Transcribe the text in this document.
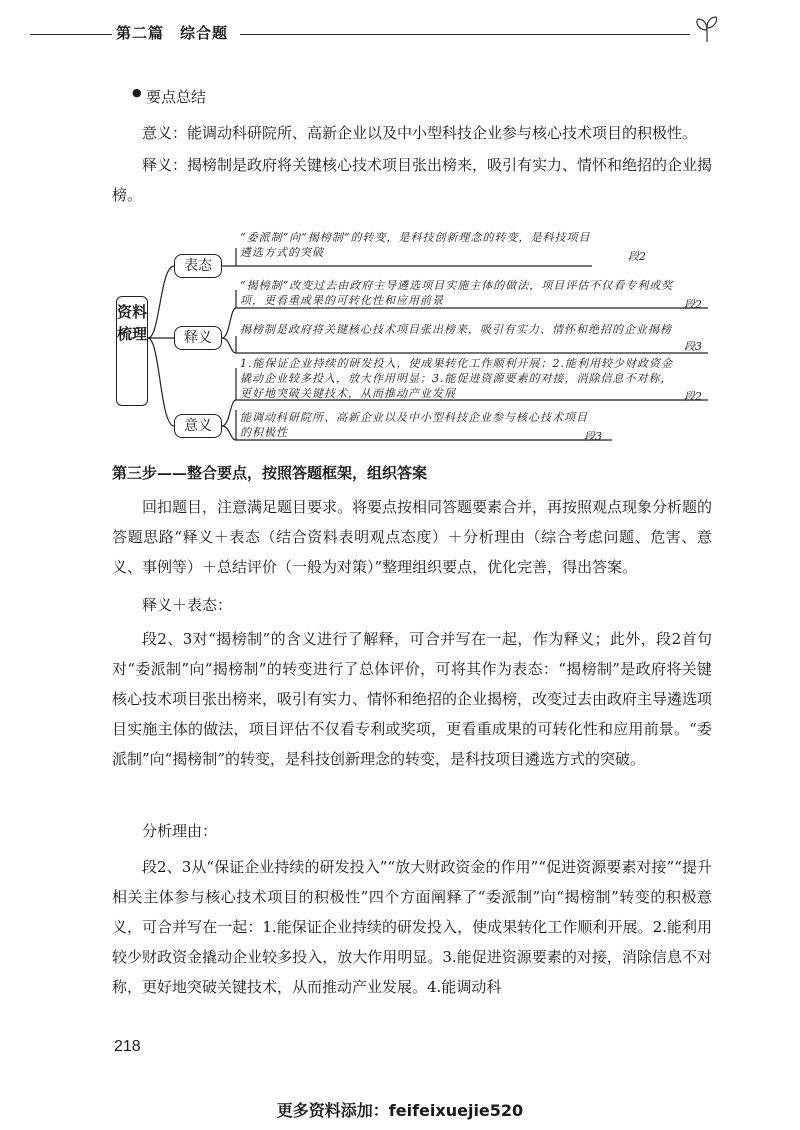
第二篇 综合题
● 要点总结
意义：能调动科研院所、高新企业以及中小型科技企业参与核心技术项目的积极性。
释义：揭榜制是政府将关键核心技术项目张出榜来，吸引有实力、情怀和绝招的企业揭榜。
资料梳理
表态
释义
意义
“委派制”向“揭榜制”的转变，是科技创新理念的转变，是科技项目遴选方式的突破	段2
“揭榜制”改变过去由政府主导遴选项目实施主体的做法，项目评估不仅看专利或奖项，更看重成果的可转化性和应用前景	段2
揭榜制是政府将关键核心技术项目张出榜来，吸引有实力、情怀和绝招的企业揭榜
段3
1.能保证企业持续的研发投入，使成果转化工作顺利开展；2.能利用较少财政资金撬动企业较多投入，放大作用明显；3.能促进资源要素的对接，消除信息不对称，更好地突破关键技术，从而推动产业发展	段2
能调动科研院所、高新企业以及中小型科技企业参与核心技术项目的积极性	段3
第三步——整合要点，按照答题框架，组织答案
回扣题目，注意满足题目要求。将要点按相同答题要素合并，再按照观点现象分析题的答题思路“释义＋表态（结合资料表明观点态度）＋分析理由（综合考虑问题、危害、意义、事例等）＋总结评价（一般为对策）”整理组织要点，优化完善，得出答案。
释义＋表态：
段2、3对“揭榜制”的含义进行了解释，可合并写在一起，作为释义；此外，段2首句对“委派制”向“揭榜制”的转变进行了总体评价，可将其作为表态：“揭榜制”是政府将关键核心技术项目张出榜来，吸引有实力、情怀和绝招的企业揭榜，改变过去由政府主导遴选项目实施主体的做法，项目评估不仅看专利或奖项，更看重成果的可转化性和应用前景。“委派制”向“揭榜制”的转变，是科技创新理念的转变，是科技项目遴选方式的突破。
分析理由：
段2、3从“保证企业持续的研发投入”“放大财政资金的作用”“促进资源要素对接”“提升相关主体参与核心技术项目的积极性”四个方面阐释了“委派制”向“揭榜制”转变的积极意义，可合并写在一起：1.能保证企业持续的研发投入，使成果转化工作顺利开展。2.能利用较少财政资金撬动企业较多投入，放大作用明显。3.能促进资源要素的对接，消除信息不对称，更好地突破关键技术，从而推动产业发展。4.能调动科
218
更多资料添加：feifeixuejie520
